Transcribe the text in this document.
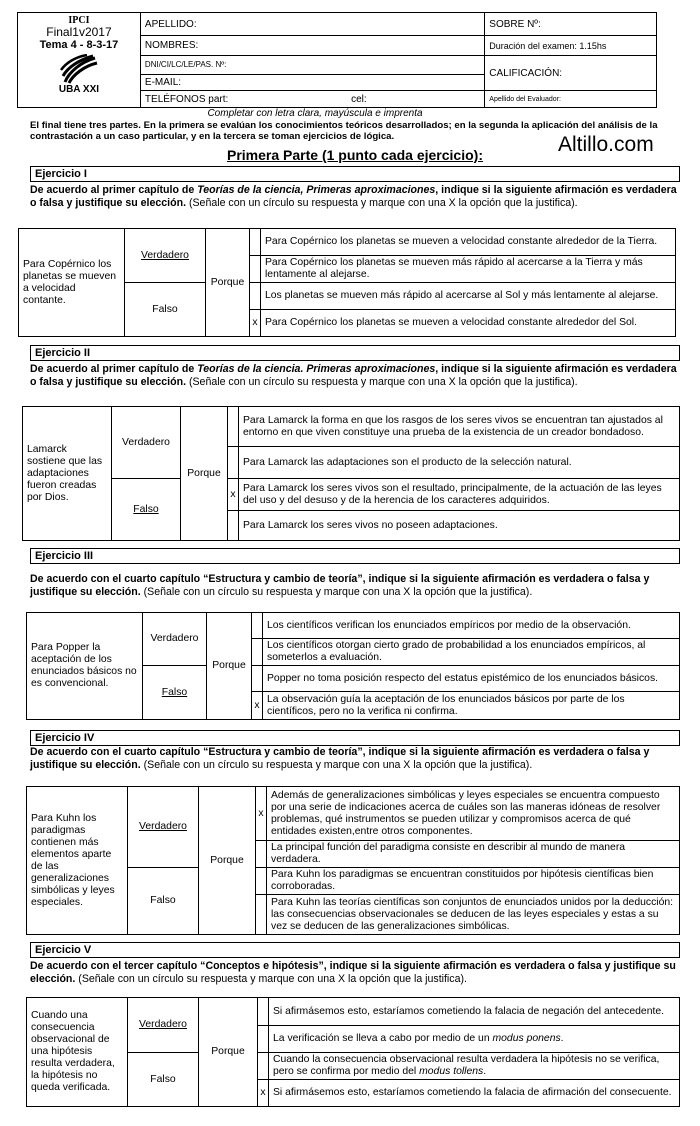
IPCI
Final1v2017
Tema 4 - 8-3-17
UBA XXI	APELLIDO:	SOBRE Nº:
	NOMBRES:	Duración del examen: 1.15hs
	DNI/CI/LC/LE/PAS. Nº:	CALIFICACIÓN:
	E-MAIL:	
	TELÉFONOS part: cel:	Apellido del Evaluador:
Completar con letra clara, mayúscula e imprenta
El final tiene tres partes. En la primera se evalúan los conocimientos teóricos desarrollados; en la segunda la aplicación del análisis de la contrastación a un caso particular, y en la tercera se toman ejercicios de lógica.
Primera Parte (1 punto cada ejercicio):	Altillo.com
Ejercicio I
De acuerdo al primer capítulo de Teorías de la ciencia, Primeras aproximaciones, indique si la siguiente afirmación es verdadera o falsa y justifique su elección. (Señale con un círculo su respuesta y marque con una X la opción que la justifica).
Para Copérnico los planetas se mueven a velocidad contante.	Verdadero	Porque		Para Copérnico los planetas se mueven a velocidad constante alrededor de la Tierra.
				Para Copérnico los planetas se mueven más rápido al acercarse a la Tierra y más lentamente al alejarse.
	Falso			Los planetas se mueven más rápido al acercarse al Sol y más lentamente al alejarse.
			x	Para Copérnico los planetas se mueven a velocidad constante alrededor del Sol.
Ejercicio II
De acuerdo al primer capítulo de Teorías de la ciencia. Primeras aproximaciones, indique si la siguiente afirmación es verdadera o falsa y justifique su elección. (Señale con un círculo su respuesta y marque con una X la opción que la justifica).
Lamarck sostiene que las adaptaciones fueron creadas por Dios.	Verdadero	Porque		Para Lamarck la forma en que los rasgos de los seres vivos se encuentran tan ajustados al entorno en que viven constituye una prueba de la existencia de un creador bondadoso.
				Para Lamarck las adaptaciones son el producto de la selección natural.
	Falso		x	Para Lamarck los seres vivos son el resultado, principalmente, de la actuación de las leyes del uso y del desuso y de la herencia de los caracteres adquiridos.
				Para Lamarck los seres vivos no poseen adaptaciones.
Ejercicio III
De acuerdo con el cuarto capítulo “Estructura y cambio de teoría”, indique si la siguiente afirmación es verdadera o falsa y justifique su elección. (Señale con un círculo su respuesta y marque con una X la opción que la justifica).
Para Popper la aceptación de los enunciados básicos no es convencional.	Verdadero	Porque		Los científicos verifican los enunciados empíricos por medio de la observación.
				Los científicos otorgan cierto grado de probabilidad a los enunciados empíricos, al someterlos a evaluación.
	Falso			Popper no toma posición respecto del estatus epistémico de los enunciados básicos.
			x	La observación guía la aceptación de los enunciados básicos por parte de los científicos, pero no la verifica ni confirma.
Ejercicio IV
De acuerdo con el cuarto capítulo “Estructura y cambio de teoría”, indique si la siguiente afirmación es verdadera o falsa y justifique su elección. (Señale con un círculo su respuesta y marque con una X la opción que la justifica).
Para Kuhn los paradigmas contienen más elementos aparte de las generalizaciones simbólicas y leyes especiales.	Verdadero	Porque	x	Además de generalizaciones simbólicas y leyes especiales se encuentra compuesto por una serie de indicaciones acerca de cuáles son las maneras idóneas de resolver problemas, qué instrumentos se pueden utilizar y compromisos acerca de qué entidades existen,entre otros componentes.
				La principal función del paradigma consiste en describir al mundo de manera verdadera.
	Falso			Para Kuhn los paradigmas se encuentran constituidos por hipótesis científicas bien corroboradas.
				Para Kuhn las teorías científicas son conjuntos de enunciados unidos por la deducción: las consecuencias observacionales se deducen de las leyes especiales y estas a su vez se deducen de las generalizaciones simbólicas.
Ejercicio V
De acuerdo con el tercer capítulo “Conceptos e hipótesis”, indique si la siguiente afirmación es verdadera o falsa y justifique su elección. (Señale con un círculo su respuesta y marque con una X la opción que la justifica).
Cuando una consecuencia observacional de una hipótesis resulta verdadera, la hipótesis no queda verificada.	Verdadero	Porque		Si afirmásemos esto, estaríamos cometiendo la falacia de negación del antecedente.
				La verificación se lleva a cabo por medio de un modus ponens.
	Falso			Cuando la consecuencia observacional resulta verdadera la hipótesis no se verifica, pero se confirma por medio del modus tollens.
			x	Si afirmásemos esto, estaríamos cometiendo la falacia de afirmación del consecuente.
